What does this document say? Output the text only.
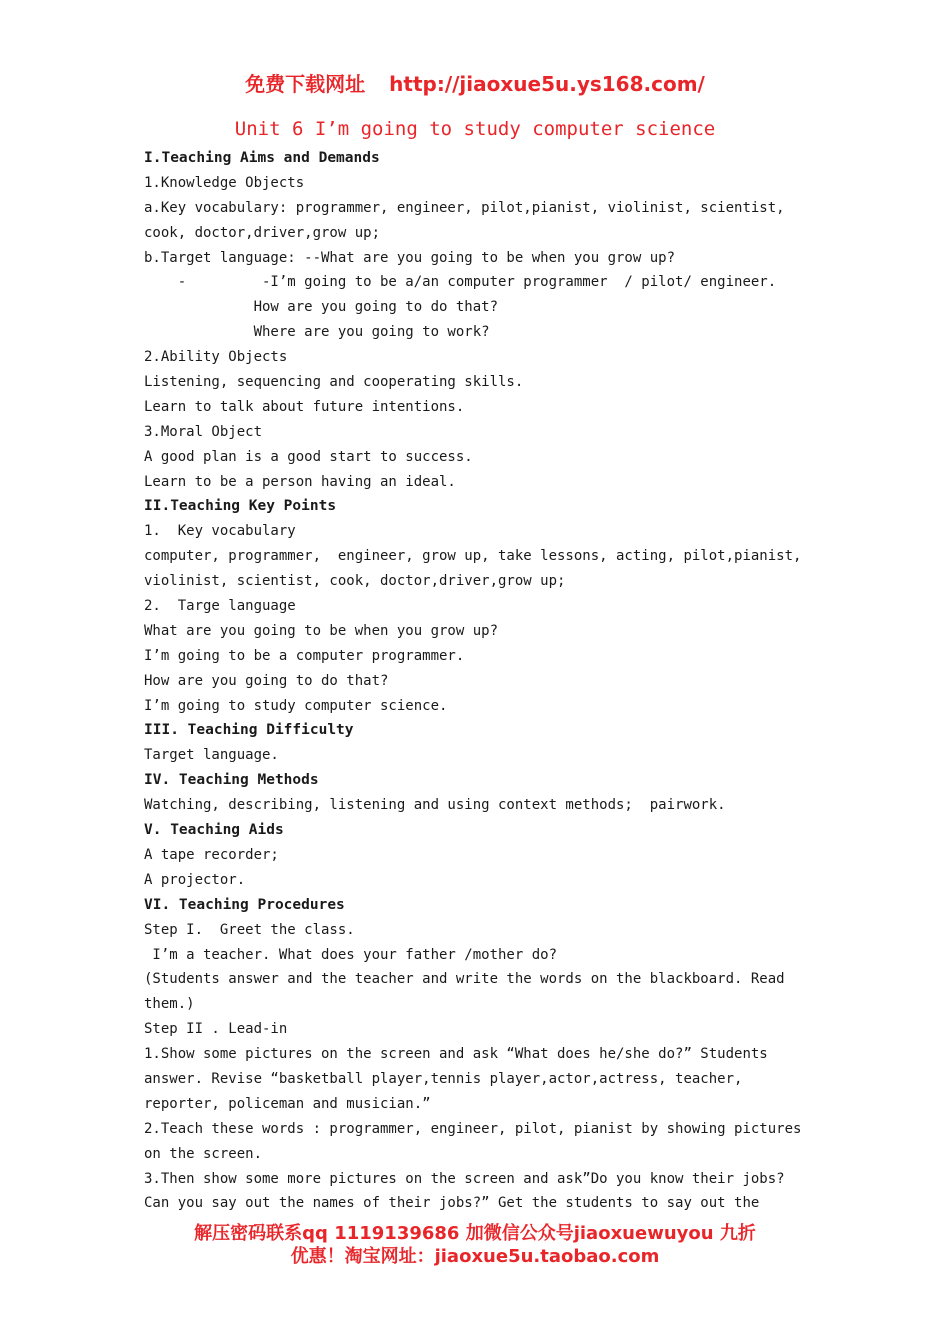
免费下载网址 http://jiaoxue5u.ys168.com/
Unit 6 I’m going to study computer science
I.Teaching Aims and Demands
1.Knowledge Objects
a.Key vocabulary: programmer, engineer, pilot,pianist, violinist, scientist,
cook, doctor,driver,grow up;
b.Target language: --What are you going to be when you grow up?
-         -I’m going to be a/an computer programmer  / pilot/ engineer.
How are you going to do that?
Where are you going to work?
2.Ability Objects
Listening, sequencing and cooperating skills.
Learn to talk about future intentions.
3.Moral Object
A good plan is a good start to success.
Learn to be a person having an ideal.
II.Teaching Key Points
1.  Key vocabulary
computer, programmer,  engineer, grow up, take lessons, acting, pilot,pianist,
violinist, scientist, cook, doctor,driver,grow up;
2.  Targe language
What are you going to be when you grow up?
I’m going to be a computer programmer.
How are you going to do that?
I’m going to study computer science.
III. Teaching Difficulty
Target language.
IV. Teaching Methods
Watching, describing, listening and using context methods;  pairwork.
V. Teaching Aids
A tape recorder;
A projector.
VI. Teaching Procedures
Step I.  Greet the class.
I’m a teacher. What does your father /mother do?
(Students answer and the teacher and write the words on the blackboard. Read
them.)
Step II . Lead-in
1.Show some pictures on the screen and ask “What does he/she do?” Students
answer. Revise “basketball player,tennis player,actor,actress, teacher,
reporter, policeman and musician.”
2.Teach these words : programmer, engineer, pilot, pianist by showing pictures
on the screen.
3.Then show some more pictures on the screen and ask”Do you know their jobs?
Can you say out the names of their jobs?” Get the students to say out the
解压密码联系qq 1119139686 加微信公众号jiaoxuewuyou 九折
优惠！淘宝网址：jiaoxue5u.taobao.com
